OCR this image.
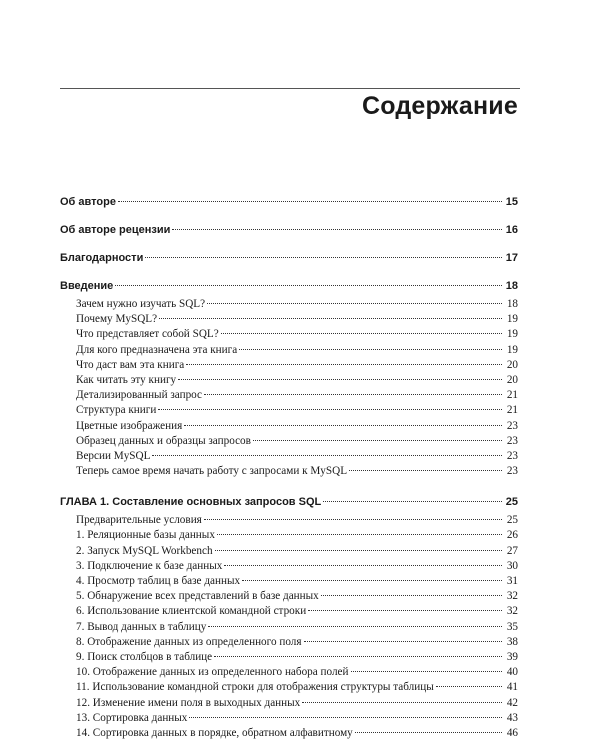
Содержание
Об авторе	15
Об авторе рецензии	16
Благодарности	17
Введение	18
Зачем нужно изучать SQL?	18
Почему MySQL?	19
Что представляет собой SQL?	19
Для кого предназначена эта книга	19
Что даст вам эта книга	20
Как читать эту книгу	20
Детализированный запрос	21
Структура книги	21
Цветные изображения	23
Образец данных и образцы запросов	23
Версии MySQL	23
Теперь самое время начать работу с запросами к MySQL	23
ГЛАВА 1. Составление основных запросов SQL	25
Предварительные условия	25
1. Реляционные базы данных	26
2. Запуск MySQL Workbench	27
3. Подключение к базе данных	30
4. Просмотр таблиц в базе данных	31
5. Обнаружение всех представлений в базе данных	32
6. Использование клиентской командной строки	32
7. Вывод данных в таблицу	35
8. Отображение данных из определенного поля	38
9. Поиск столбцов в таблице	39
10. Отображение данных из определенного набора полей	40
11. Использование командной строки для отображения структуры таблицы	41
12. Изменение имени поля в выходных данных	42
13. Сортировка данных	43
14. Сортировка данных в порядке, обратном алфавитному	46
